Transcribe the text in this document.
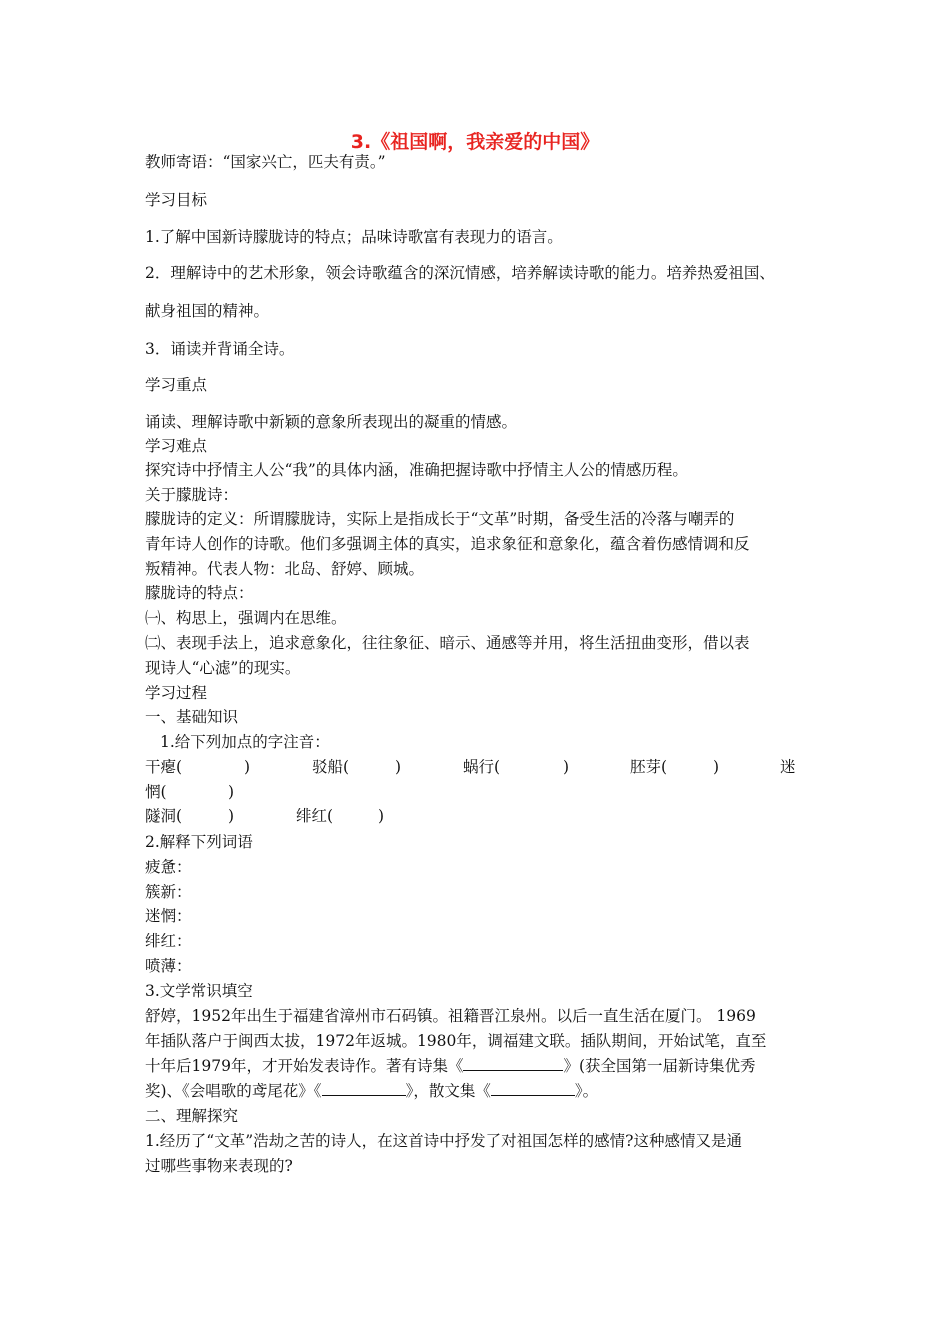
3.《祖国啊，我亲爱的中国》
教师寄语：“国家兴亡，匹夫有责。”
学习目标
1.了解中国新诗朦胧诗的特点；品味诗歌富有表现力的语言。
2．理解诗中的艺术形象，领会诗歌蕴含的深沉情感，培养解读诗歌的能力。培养热爱祖国、
献身祖国的精神。
3．诵读并背诵全诗。
学习重点
诵读、理解诗歌中新颖的意象所表现出的凝重的情感。
学习难点
探究诗中抒情主人公“我”的具体内涵，准确把握诗歌中抒情主人公的情感历程。
关于朦胧诗：
朦胧诗的定义：所谓朦胧诗，实际上是指成长于“文革”时期，备受生活的冷落与嘲弄的
青年诗人创作的诗歌。他们多强调主体的真实，追求象征和意象化，蕴含着伤感情调和反
叛精神。代表人物：北岛、舒婷、顾城。
朦胧诗的特点：
㈠、构思上，强调内在思维。
㈡、表现手法上，追求意象化，往往象征、暗示、通感等并用，将生活扭曲变形，借以表
现诗人“心滤”的现实。
学习过程
一、基础知识
1.给下列加点的字注音：
干瘪(	)	驳船(	)	蜗行(	)	胚芽(	)	迷
惘(	)
隧洞(	)	绯红(	)
2.解释下列词语
疲惫：
簇新：
迷惘：
绯红：
喷薄：
3.文学常识填空
舒婷，1952年出生于福建省漳州市石码镇。祖籍晋江泉州。以后一直生活在厦门。 1969
年插队落户于闽西太拔，1972年返城。1980年，调福建文联。插队期间，开始试笔，直至
十年后1979年，才开始发表诗作。著有诗集《	》(获全国第一届新诗集优秀
奖)、《会唱歌的鸢尾花》《	》，散文集《	》。
二、理解探究
1.经历了“文革”浩劫之苦的诗人，在这首诗中抒发了对祖国怎样的感情?这种感情又是通
过哪些事物来表现的?
